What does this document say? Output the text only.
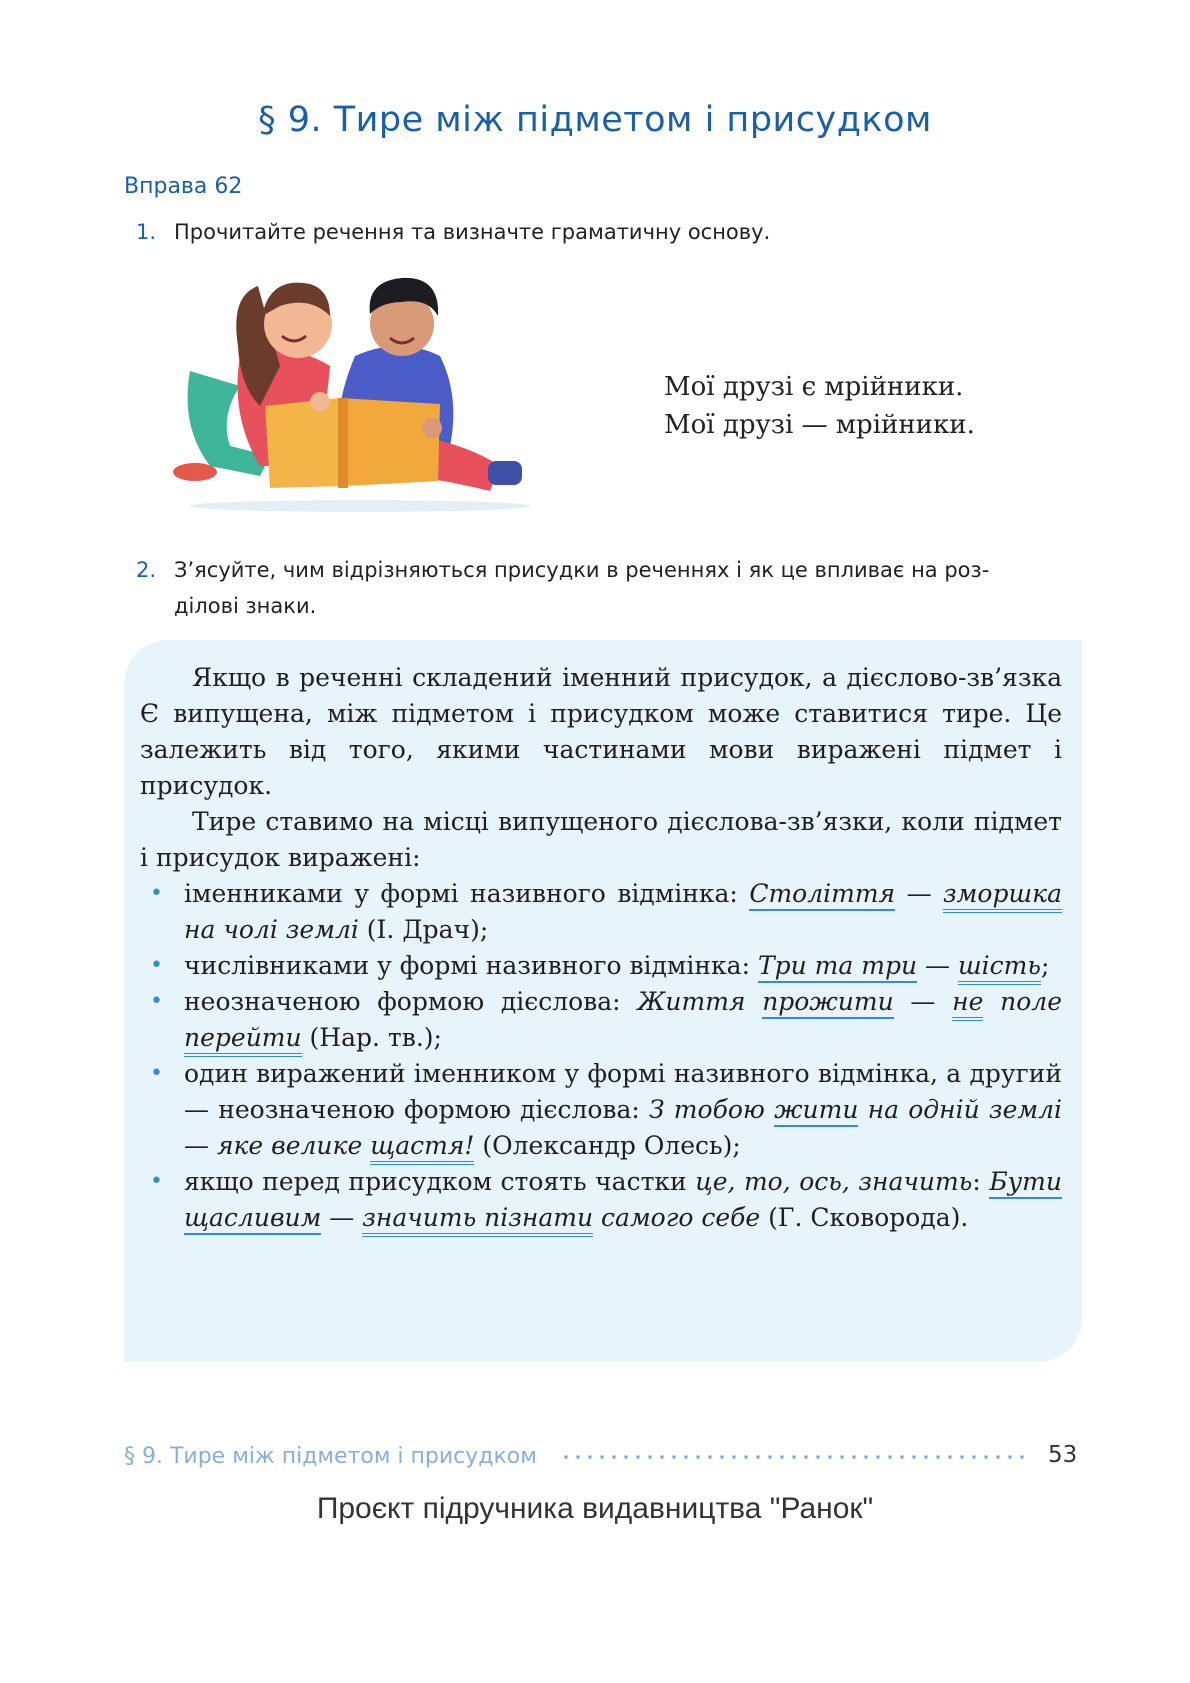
§ 9. Тире між підметом і присудком
Вправа 62
1. Прочитайте речення та визначте граматичну основу.
Мої друзі є мрійники.
Мої друзі — мрійники.
2. З’ясуйте, чим відрізняються присудки в реченнях і як це впливає на роз-
ділові знаки.

Якщо в реченні складений іменний присудок, а дієслово-зв’язка Є випущена, між підметом і присудком може ставитися тире. Це залежить від того, якими частинами мови виражені підмет і присудок.

Тире ставимо на місці випущеного дієслова-зв’язки, коли підмет і присудок виражені:

• іменниками у формі називного відмінка: Століття — зморшка на чолі землі (І. Драч);
• числівниками у формі називного відмінка: Три та три — шість;
• неозначеною формою дієслова: Життя прожити — не поле перейти (Нар. тв.);
• один виражений іменником у формі називного відмінка, а другий — неозначеною формою дієслова: З тобою жити на одній землі — яке велике щастя! (Олександр Олесь);
• якщо перед присудком стоять частки це, то, ось, значить: Бути щасливим — значить пізнати самого себе (Г. Сковорода).
§ 9. Тире між підметом і присудком	53
Проєкт підручника видавництва "Ранок"
